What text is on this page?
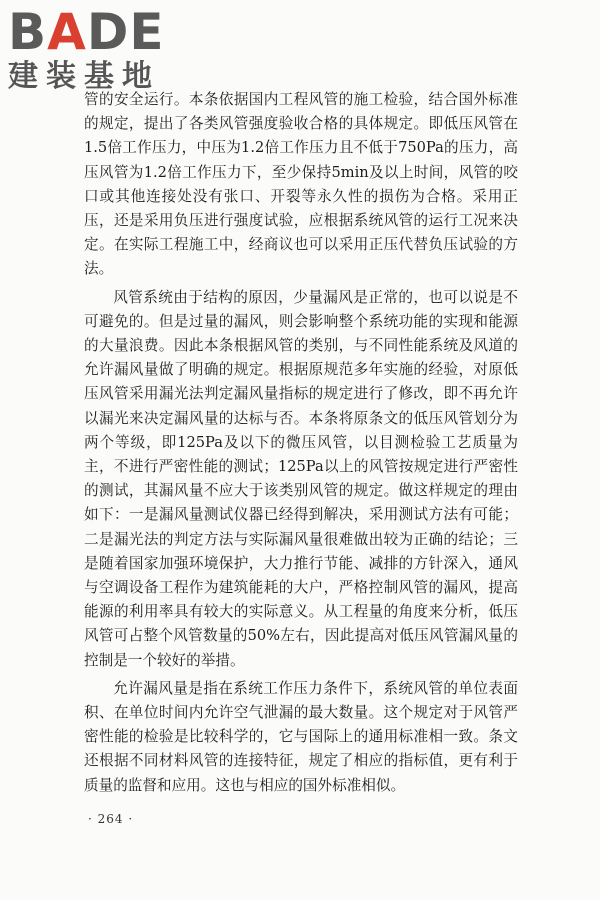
B A DE
建装基地

管的安全运行。本条依据国内工程风管的施工检验，结合国外标准的规定，提出了各类风管强度验收合格的具体规定。即低压风管在1.5倍工作压力，中压为1.2倍工作压力且不低于750Pa的压力，高压风管为1.2倍工作压力下，至少保持5min及以上时间，风管的咬口或其他连接处没有张口、开裂等永久性的损伤为合格。采用正压，还是采用负压进行强度试验，应根据系统风管的运行工况来决定。在实际工程施工中，经商议也可以采用正压代替负压试验的方法。

风管系统由于结构的原因，少量漏风是正常的，也可以说是不可避免的。但是过量的漏风，则会影响整个系统功能的实现和能源的大量浪费。因此本条根据风管的类别，与不同性能系统及风道的允许漏风量做了明确的规定。根据原规范多年实施的经验，对原低压风管采用漏光法判定漏风量指标的规定进行了修改，即不再允许以漏光来决定漏风量的达标与否。本条将原条文的低压风管划分为两个等级，即125Pa及以下的微压风管，以目测检验工艺质量为主，不进行严密性能的测试；125Pa以上的风管按规定进行严密性的测试，其漏风量不应大于该类别风管的规定。做这样规定的理由如下：一是漏风量测试仪器已经得到解决，采用测试方法有可能；二是漏光法的判定方法与实际漏风量很难做出较为正确的结论；三是随着国家加强环境保护，大力推行节能、减排的方针深入，通风与空调设备工程作为建筑能耗的大户，严格控制风管的漏风，提高能源的利用率具有较大的实际意义。从工程量的角度来分析，低压风管可占整个风管数量的50%左右，因此提高对低压风管漏风量的控制是一个较好的举措。

允许漏风量是指在系统工作压力条件下，系统风管的单位表面积、在单位时间内允许空气泄漏的最大数量。这个规定对于风管严密性能的检验是比较科学的，它与国际上的通用标准相一致。条文还根据不同材料风管的连接特征，规定了相应的指标值，更有利于质量的监督和应用。这也与相应的国外标准相似。

· 264 ·
